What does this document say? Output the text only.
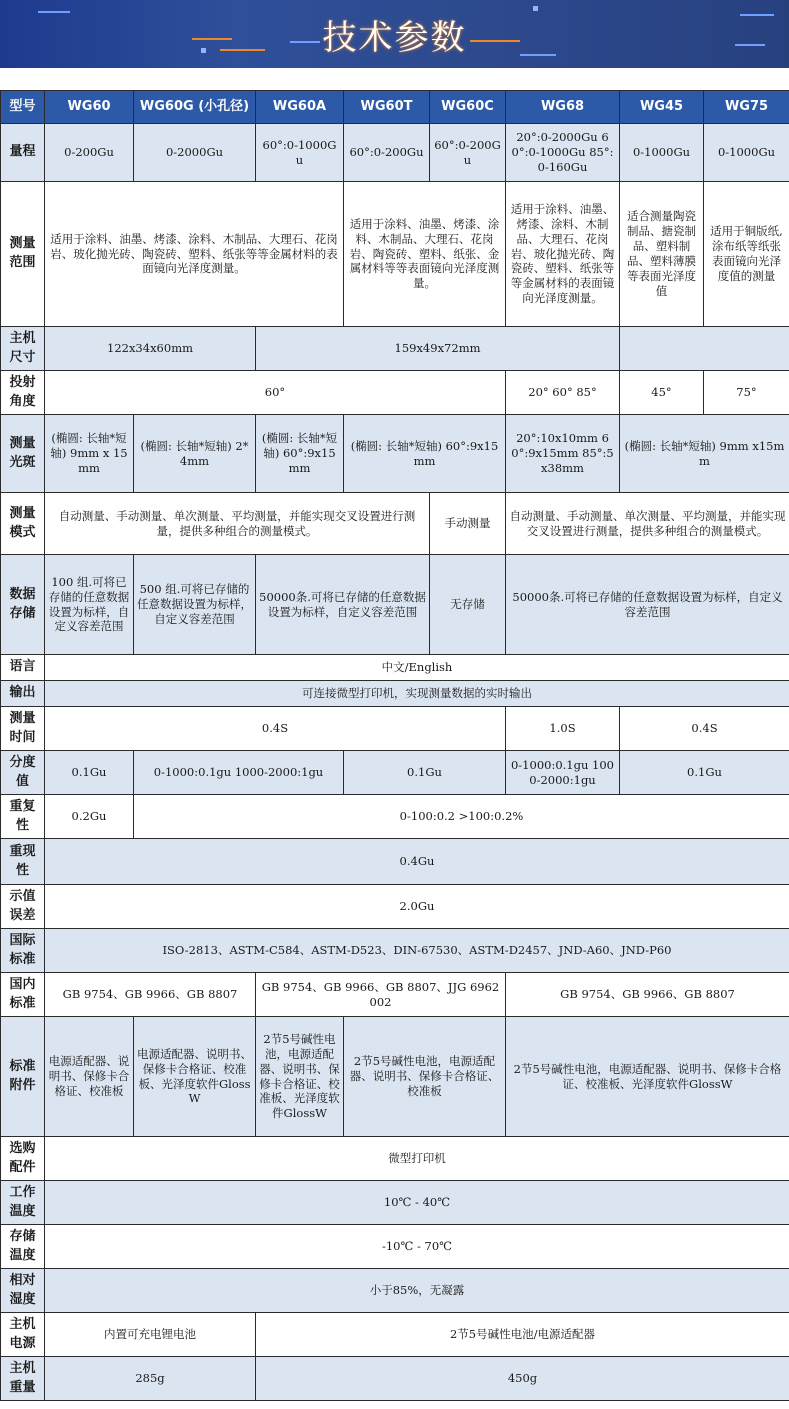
技术参数
型号	WG60	WG60G (小孔径)	WG60A	WG60T	WG60C	WG68	WG45	WG75
量程	0-200Gu	0-2000Gu	60°:0-1000Gu	60°:0-200Gu	60°:0-200Gu	20°:0-2000Gu 60°:0-1000Gu 85°:0-160Gu	0-1000Gu	0-1000Gu
测量范围	适用于涂料、油墨、烤漆、涂料、木制品、大理石、花岗岩、玻化抛光砖、陶瓷砖、塑料、纸张等等金属材料的表面镜向光泽度测量。			适用于涂料、油墨、烤漆、涂料、木制品、大理石、花岗岩、陶瓷砖、塑料、纸张、金属材料等等表面镜向光泽度测量。		适用于涂料、油墨、烤漆、涂料、木制品、大理石、花岗岩、玻化抛光砖、陶瓷砖、塑料、纸张等等金属材料的表面镜向光泽度测量。	适合测量陶瓷制品、搪瓷制品、塑料制品、塑料薄膜等表面光泽度值	适用于铜版纸,涂布纸等纸张表面镜向光泽度值的测量
主机尺寸	122x34x60mm		159x49x72mm					
投射角度	60°					20° 60° 85°	45°	75°
测量光斑	(椭圆: 长轴*短轴) 9mm x 15mm	(椭圆: 长轴*短轴) 2*4mm	(椭圆: 长轴*短轴) 60°:9x15mm	(椭圆: 长轴*短轴) 60°:9x15mm		20°:10x10mm 60°:9x15mm 85°:5x38mm	(椭圆: 长轴*短轴) 9mm x15mm	
测量模式	自动测量、手动测量、单次测量、平均测量，并能实现交叉设置进行测量，提供多种组合的测量模式。				手动测量	自动测量、手动测量、单次测量、平均测量，并能实现交叉设置进行测量，提供多种组合的测量模式。		
数据存储	100 组.可将已存储的任意数据设置为标样，自定义容差范围	500 组.可将已存储的任意数据设置为标样，自定义容差范围	50000条.可将已存储的任意数据设置为标样，自定义容差范围		无存储	50000条.可将已存储的任意数据设置为标样，自定义容差范围		
语言	中文/English							
输出	可连接微型打印机，实现测量数据的实时输出							
测量时间	0.4S					1.0S	0.4S	
分度值	0.1Gu	0-1000:0.1gu 1000-2000:1gu		0.1Gu		0-1000:0.1gu 1000-2000:1gu	0.1Gu	
重复性	0.2Gu	0-100:0.2 >100:0.2%						
重现性	0.4Gu							
示值误差	2.0Gu							
国际标准	ISO-2813、ASTM-C584、ASTM-D523、DIN-67530、ASTM-D2457、JND-A60、JND-P60							
国内标准	GB 9754、GB 9966、GB 8807		GB 9754、GB 9966、GB 8807、JJG 6962002			GB 9754、GB 9966、GB 8807		
标准附件	电源适配器、说明书、保修卡合格证、校准板	电源适配器、说明书、保修卡合格证、校准板、光泽度软件GlossW	2节5号碱性电池，电源适配器、说明书、保修卡合格证、校准板、光泽度软件GlossW	2节5号碱性电池，电源适配器、说明书、保修卡合格证、校准板		2节5号碱性电池，电源适配器、说明书、保修卡合格证、校准板、光泽度软件GlossW		
选购配件	微型打印机							
工作温度	10℃ - 40℃							
存储温度	-10℃ - 70℃							
相对湿度	小于85%，无凝露							
主机电源	内置可充电锂电池		2节5号碱性电池/电源适配器					
主机重量	285g		450g					
